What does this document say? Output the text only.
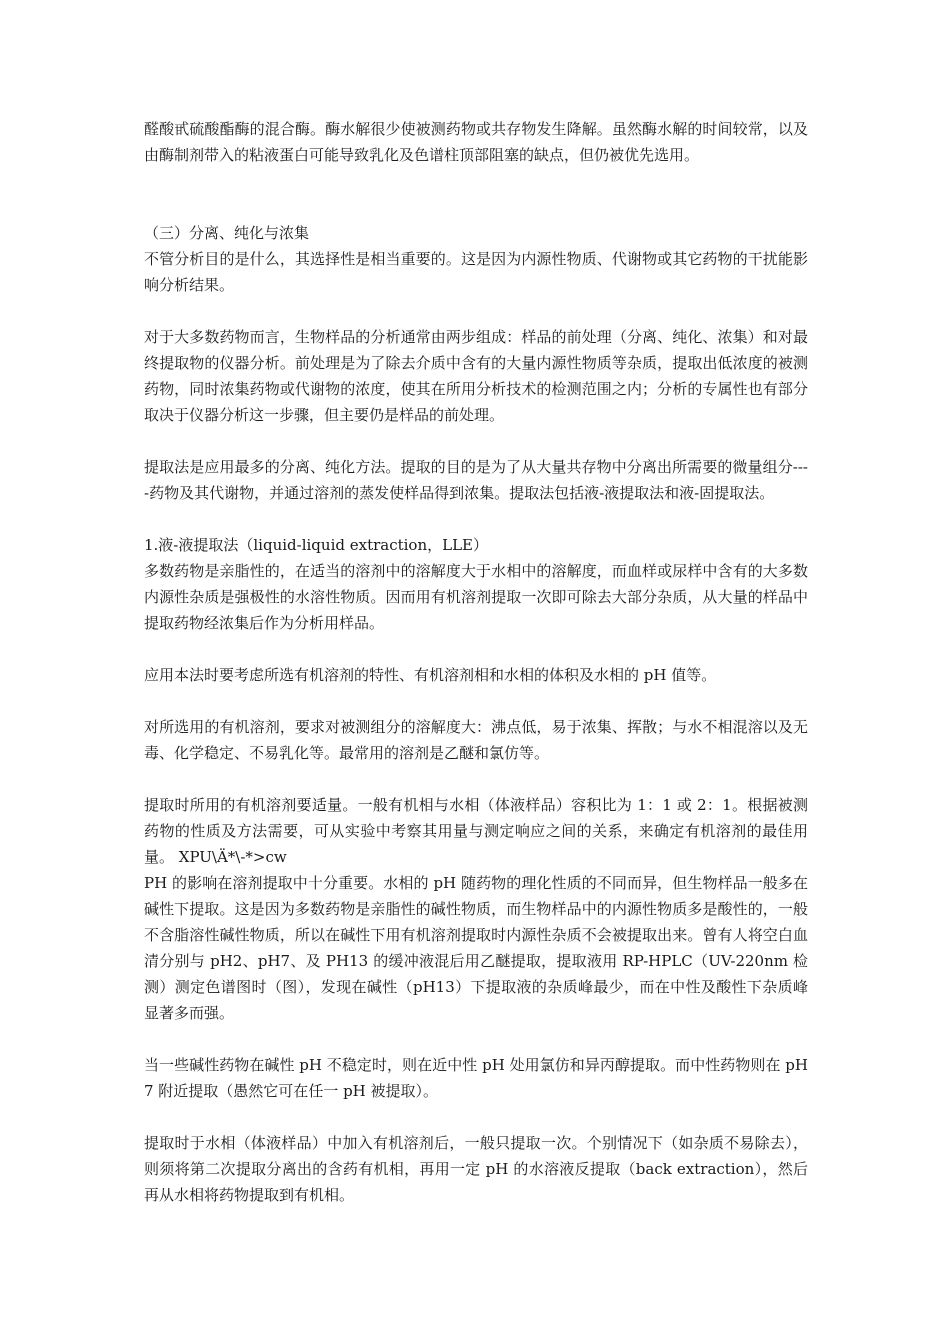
醛酸甙硫酸酯酶的混合酶。酶水解很少使被测药物或共存物发生降解。虽然酶水解的时间较常，以及由酶制剂带入的粘液蛋白可能导致乳化及色谱柱顶部阻塞的缺点，但仍被优先选用。

（三）分离、纯化与浓集

不管分析目的是什么，其选择性是相当重要的。这是因为内源性物质、代谢物或其它药物的干扰能影响分析结果。

对于大多数药物而言，生物样品的分析通常由两步组成：样品的前处理（分离、纯化、浓集）和对最终提取物的仪器分析。前处理是为了除去介质中含有的大量内源性物质等杂质，提取出低浓度的被测药物，同时浓集药物或代谢物的浓度，使其在所用分析技术的检测范围之内；分析的专属性也有部分取决于仪器分析这一步骤，但主要仍是样品的前处理。

提取法是应用最多的分离、纯化方法。提取的目的是为了从大量共存物中分离出所需要的微量组分----药物及其代谢物，并通过溶剂的蒸发使样品得到浓集。提取法包括液-液提取法和液-固提取法。

1.液-液提取法（liquid-liquid extraction，LLE）

多数药物是亲脂性的，在适当的溶剂中的溶解度大于水相中的溶解度，而血样或尿样中含有的大多数内源性杂质是强极性的水溶性物质。因而用有机溶剂提取一次即可除去大部分杂质，从大量的样品中提取药物经浓集后作为分析用样品。

应用本法时要考虑所选有机溶剂的特性、有机溶剂相和水相的体积及水相的 pH 值等。

对所选用的有机溶剂，要求对被测组分的溶解度大：沸点低，易于浓集、挥散；与水不相混溶以及无毒、化学稳定、不易乳化等。最常用的溶剂是乙醚和氯仿等。

提取时所用的有机溶剂要适量。一般有机相与水相（体液样品）容积比为 1：1 或 2：1。根据被测药物的性质及方法需要，可从实验中考察其用量与测定响应之间的关系，来确定有机溶剂的最佳用量。 XPU\Ä*\-*>cw

PH 的影响在溶剂提取中十分重要。水相的 pH 随药物的理化性质的不同而异，但生物样品一般多在碱性下提取。这是因为多数药物是亲脂性的碱性物质，而生物样品中的内源性物质多是酸性的，一般不含脂溶性碱性物质，所以在碱性下用有机溶剂提取时内源性杂质不会被提取出来。曾有人将空白血清分别与 pH2、pH7、及 PH13 的缓冲液混后用乙醚提取，提取液用 RP-HPLC（UV-220nm 检测）测定色谱图时（图），发现在碱性（pH13）下提取液的杂质峰最少，而在中性及酸性下杂质峰显著多而强。

当一些碱性药物在碱性 pH 不稳定时，则在近中性 pH 处用氯仿和异丙醇提取。而中性药物则在 pH7 附近提取（愚然它可在任一 pH 被提取）。

提取时于水相（体液样品）中加入有机溶剂后，一般只提取一次。个别情况下（如杂质不易除去），则须将第二次提取分离出的含药有机相，再用一定 pH 的水溶液反提取（back extraction），然后再从水相将药物提取到有机相。
